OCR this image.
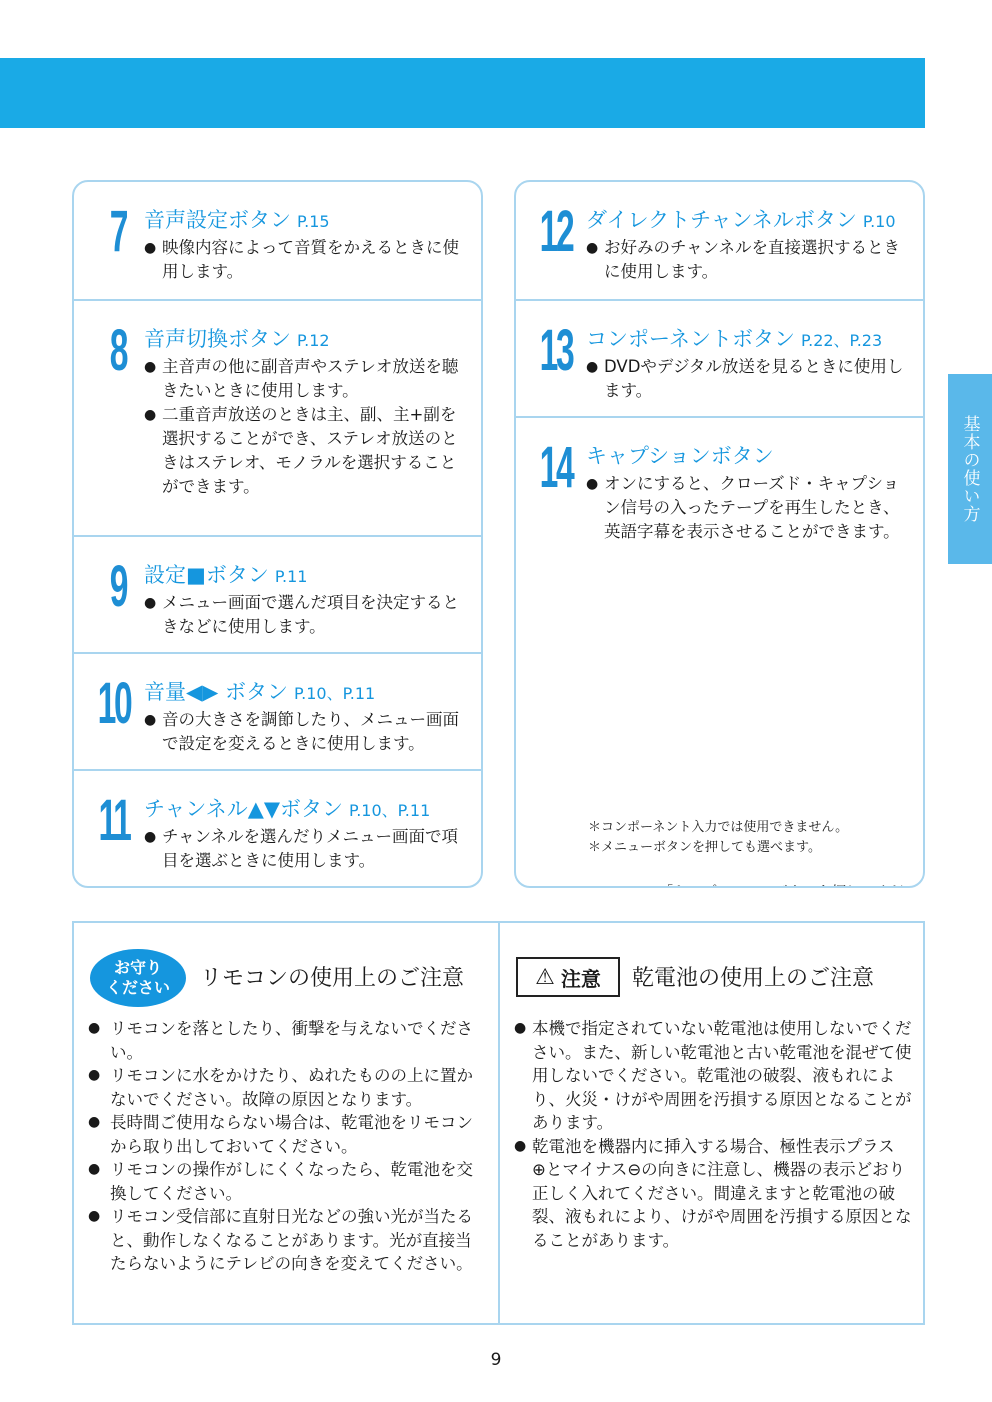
基本の使い方
7 音声設定ボタン P.15
● 映像内容によって音質をかえるときに使用します。
8 音声切換ボタン P.12
● 主音声の他に副音声やステレオ放送を聴きたいときに使用します。
● 二重音声放送のときは主、副、主+副を選択することができ、ステレオ放送のときはステレオ、モノラルを選択することができます。
9 設定■ボタン P.11
● メニュー画面で選んだ項目を決定するときなどに使用します。
10 音量◀▶ ボタン P.10、P.11
● 音の大きさを調節したり、メニュー画面で設定を変えるときに使用します。
11 チャンネル▲▼ボタン P.10、P.11
● チャンネルを選んだりメニュー画面で項目を選ぶときに使用します。
12 ダイレクトチャンネルボタン P.10
● お好みのチャンネルを直接選択するときに使用します。
13 コンポーネントボタン P.22、P.23
● DVDやデジタル放送を見るときに使用します。
14 キャプションボタン
● オンにすると、クローズド・キャプション信号の入ったテープを再生したとき、英語字幕を表示させることができます。
＊コンポーネント入力では使用できません。
＊メニューボタンを押しても選べます。
お守り
ください リモコンの使用上のご注意
● リモコンを落としたり、衝撃を与えないでください。
● リモコンに水をかけたり、ぬれたものの上に置かないでください。故障の原因となります。
● 長時間ご使用ならない場合は、乾電池をリモコンから取り出しておいてください。
● リモコンの操作がしにくくなったら、乾電池を交換してください。
● リモコン受信部に直射日光などの強い光が当たると、動作しなくなることがあります。光が直接当たらないようにテレビの向きを変えてください。
⚠ 注意 乾電池の使用上のご注意
● 本機で指定されていない乾電池は使用しないでください。また、新しい乾電池と古い乾電池を混ぜて使用しないでください。乾電池の破裂、液もれにより、火災・けがや周囲を汚損する原因となることがあります。
● 乾電池を機器内に挿入する場合、極性表示プラス ⊕とマイナス⊖の向きに注意し、機器の表示どおり正しく入れてください。間違えますと乾電池の破裂、液もれにより、けがや周囲を汚損する原因となることがあります。
9
